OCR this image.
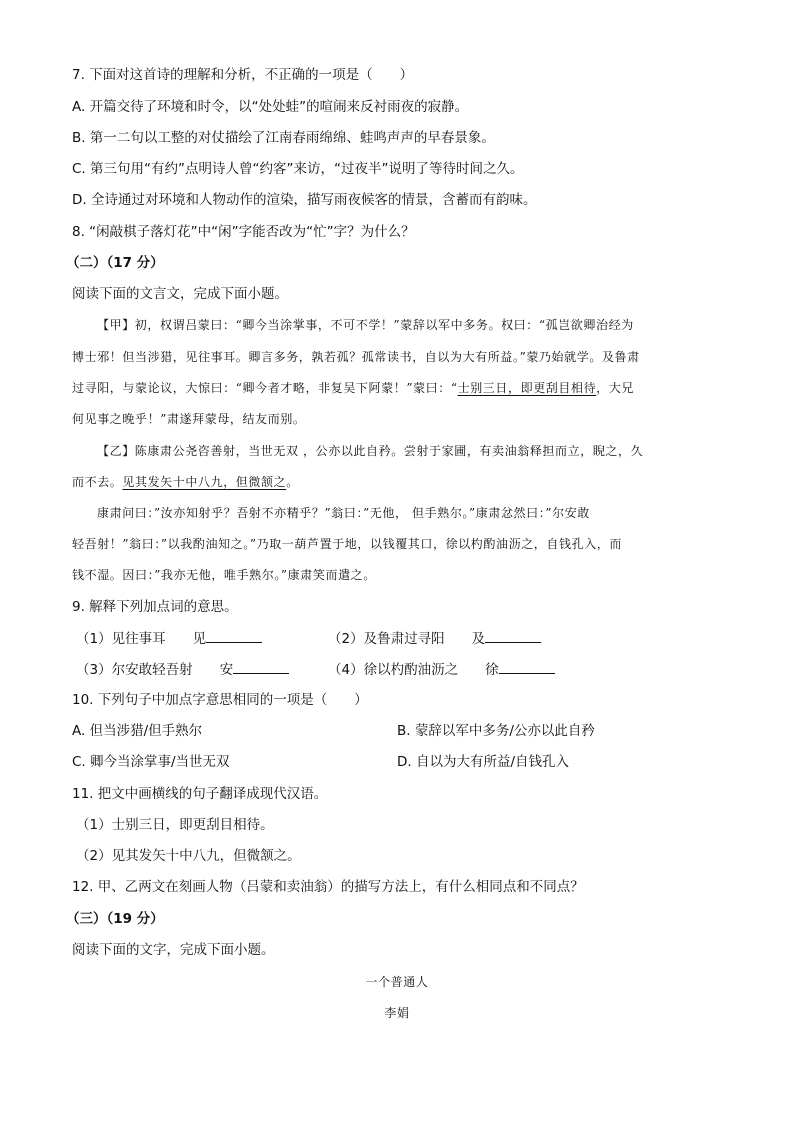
7. 下面对这首诗的理解和分析，不正确的一项是（　　）
A. 开篇交待了环境和时令，以“处处蛙”的喧闹来反衬雨夜的寂静。
B. 第一二句以工整的对仗描绘了江南春雨绵绵、蛙鸣声声的早春景象。
C. 第三句用“有约”点明诗人曾“约客”来访，“过夜半”说明了等待时间之久。
D. 全诗通过对环境和人物动作的渲染，描写雨夜候客的情景，含蓄而有韵味。
8. “闲敲棋子落灯花”中“闲”字能否改为“忙”字？为什么？
（二）（17 分）
阅读下面的文言文，完成下面小题。
【甲】初，权谓吕蒙曰：“卿今当涂掌事，不可不学！”蒙辞以军中多务。权曰：“孤岂欲卿治经为
博士邪！但当涉猎，见往事耳。卿言多务，孰若孤？孤常读书，自以为大有所益。”蒙乃始就学。及鲁肃
过寻阳，与蒙论议，大惊曰：“卿今者才略，非复吴下阿蒙！”蒙曰：“士别三日，即更刮目相待，大兄
何见事之晚乎！”肃遂拜蒙母，结友而别。
【乙】陈康肃公尧咨善射，当世无双 ，公亦以此自矜。尝射于家圃，有卖油翁释担而立，睨之，久
而不去。见其发矢十中八九，但微颔之。
康肃问曰：”汝亦知射乎？吾射不亦精乎？”翁曰：”无他， 但手熟尔。”康肃忿然曰：”尔安敢
轻吾射！”翁曰：”以我酌油知之。”乃取一葫芦置于地，以钱覆其口，徐以杓酌油沥之，自钱孔入，而
钱不湿。因曰：”我亦无他，唯手熟尔。”康肃笑而遣之。
9. 解释下列加点词的意思。
（1）见往事耳　　见	（2）及鲁肃过寻阳　　及
（3）尔安敢轻吾射　　安	（4）徐以杓酌油沥之　　徐
10. 下列句子中加点字意思相同的一项是（　　）
A. 但当涉猎/但手熟尔	B. 蒙辞以军中多务/公亦以此自矜
C. 卿今当涂掌事/当世无双	D. 自以为大有所益/自钱孔入
11. 把文中画横线的句子翻译成现代汉语。
（1）士别三日，即更刮目相待。
（2）见其发矢十中八九，但微颔之。
12. 甲、乙两文在刻画人物（吕蒙和卖油翁）的描写方法上，有什么相同点和不同点？
（三）（19 分）
阅读下面的文字，完成下面小题。
一个普通人
李娟
